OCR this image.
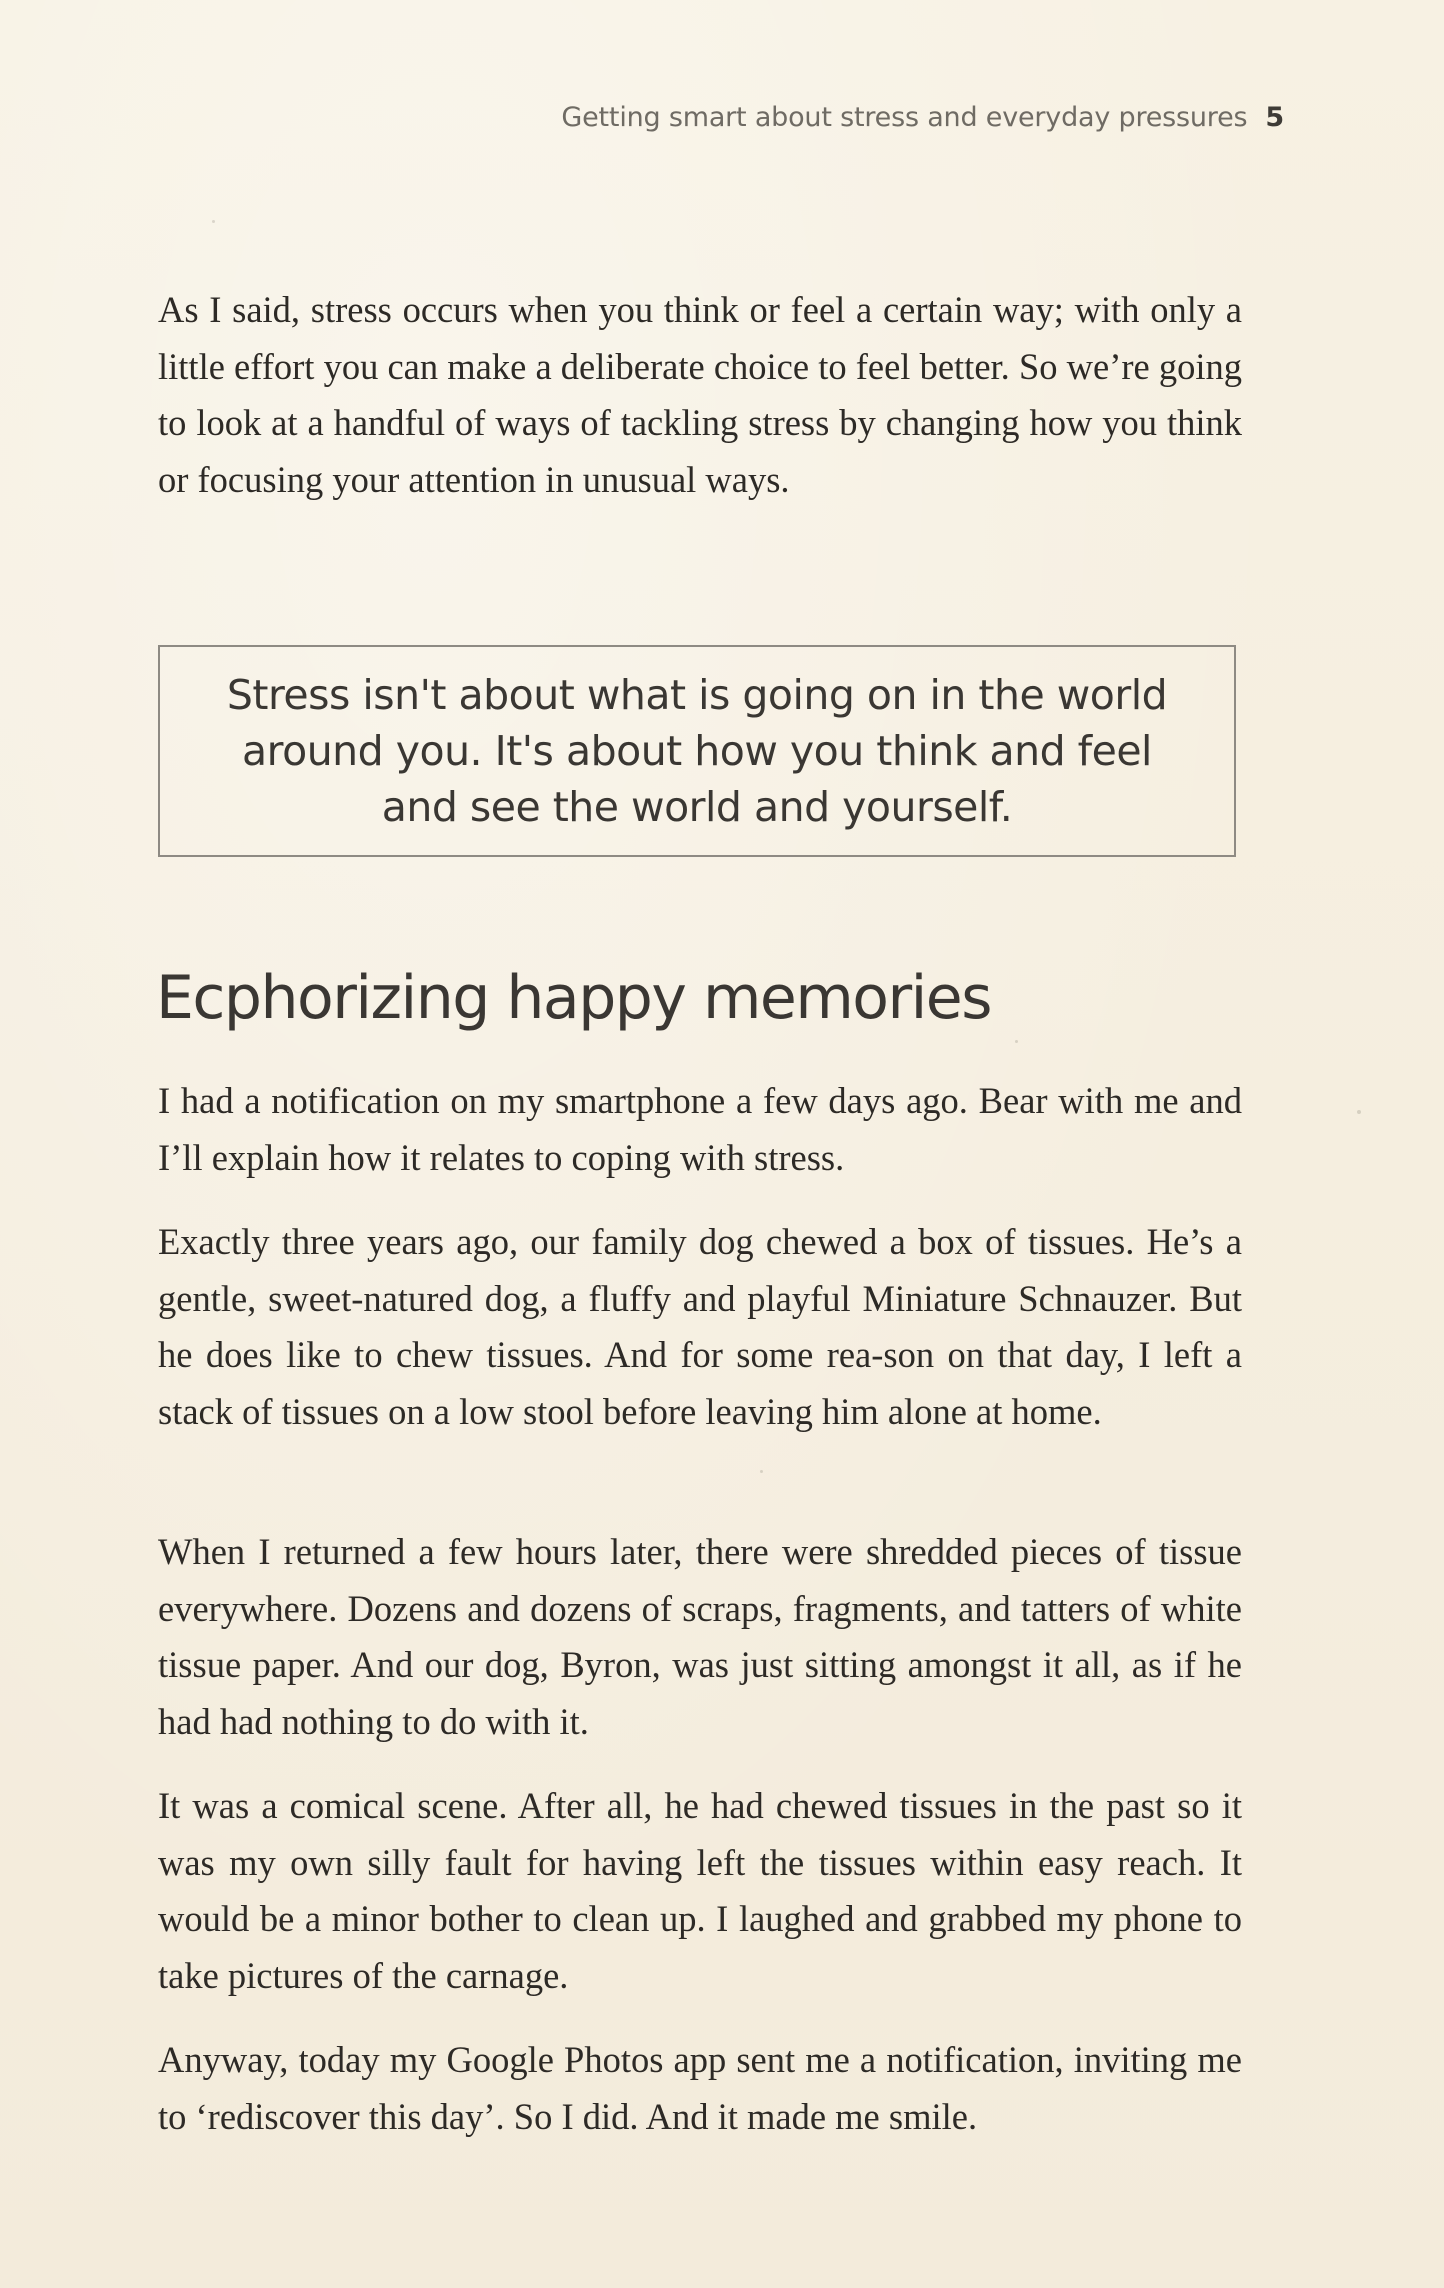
Getting smart about stress and everyday pressures 5

As I said, stress occurs when you think or feel a certain way; with only a little effort you can make a deliberate choice to feel better. So we’re going to look at a handful of ways of tackling stress by changing how you think or focusing your attention in unusual ways.

Stress isn't about what is going on in the world around you. It's about how you think and feel and see the world and yourself.

Ecphorizing happy memories

I had a notification on my smartphone a few days ago. Bear with me and I’ll explain how it relates to coping with stress.

Exactly three years ago, our family dog chewed a box of tissues. He’s a gentle, sweet-natured dog, a fluffy and playful Miniature Schnauzer. But he does like to chew tissues. And for some rea-son on that day, I left a stack of tissues on a low stool before leaving him alone at home.

When I returned a few hours later, there were shredded pieces of tissue everywhere. Dozens and dozens of scraps, fragments, and tatters of white tissue paper. And our dog, Byron, was just sitting amongst it all, as if he had had nothing to do with it.

It was a comical scene. After all, he had chewed tissues in the past so it was my own silly fault for having left the tissues within easy reach. It would be a minor bother to clean up. I laughed and grabbed my phone to take pictures of the carnage.

Anyway, today my Google Photos app sent me a notification, inviting me to ‘rediscover this day’. So I did. And it made me smile.
